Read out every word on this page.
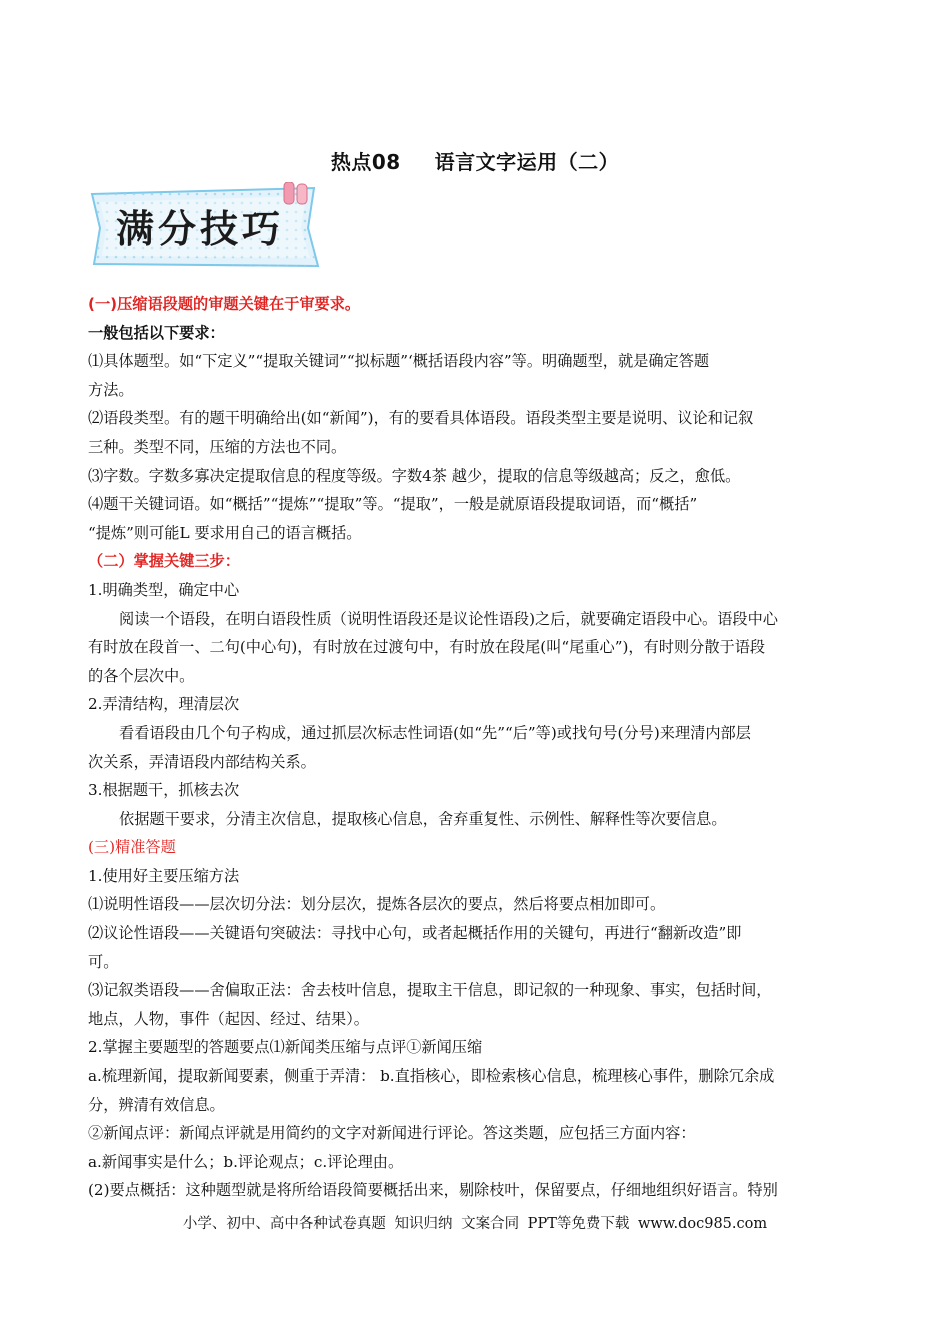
热点08 语言文字运用（二）
满分技巧
(一)压缩语段题的审题关键在于审要求。
一般包括以下要求：
⑴具体题型。如“下定义”“提取关键词”“拟标题”‘概括语段内容”等。明确题型，就是确定答题
方法。
⑵语段类型。有的题干明确给出(如“新闻”)，有的要看具体语段。语段类型主要是说明、议论和记叙
三种。类型不同，压缩的方法也不同。
⑶字数。字数多寡决定提取信息的程度等级。字数4茶 越少，提取的信息等级越高；反之，愈低。
⑷题干关键词语。如“概括”“提炼”“提取”等。“提取”，一般是就原语段提取词语，而“概括”
“提炼”则可能L 要求用自己的语言概括。
（二）掌握关键三步：
1.明确类型，确定中心
阅读一个语段，在明白语段性质（说明性语段还是议论性语段)之后，就要确定语段中心。语段中心
有时放在段首一、二句(中心句)，有时放在过渡句中，有时放在段尾(叫“尾重心”)，有时则分散于语段
的各个层次中。
2.弄清结构，理清层次
看看语段由几个句子构成，通过抓层次标志性词语(如“先”“后”等)或找句号(分号)来理清内部层
次关系，弄清语段内部结构关系。
3.根据题干，抓核去次
依据题干要求，分清主次信息，提取核心信息，舍弃重复性、示例性、解释性等次要信息。
(三)精准答题
1.使用好主要压缩方法
⑴说明性语段——层次切分法：划分层次，提炼各层次的要点，然后将要点相加即可。
⑵议论性语段——关键语句突破法：寻找中心句，或者起概括作用的关键句，再进行“翻新改造”即
可。
⑶记叙类语段——舍偏取正法：舍去枝叶信息，提取主干信息，即记叙的一种现象、事实，包括时间，
地点，人物，事件（起因、经过、结果）。
2.掌握主要题型的答题要点⑴新闻类压缩与点评①新闻压缩
a.梳理新闻，提取新闻要素，侧重于弄清： b.直指核心，即检索核心信息，梳理核心事件，删除冗余成
分，辨清有效信息。
②新闻点评：新闻点评就是用简约的文字对新闻进行评论。答这类题，应包括三方面内容：
a.新闻事实是什么；b.评论观点；c.评论理由。
(2)要点概括：这种题型就是将所给语段简要概括出来，剔除枝叶，保留要点，仔细地组织好语言。特别
小学、初中、高中各种试卷真题 知识归纳 文案合同 PPT等免费下载 www.doc985.com
